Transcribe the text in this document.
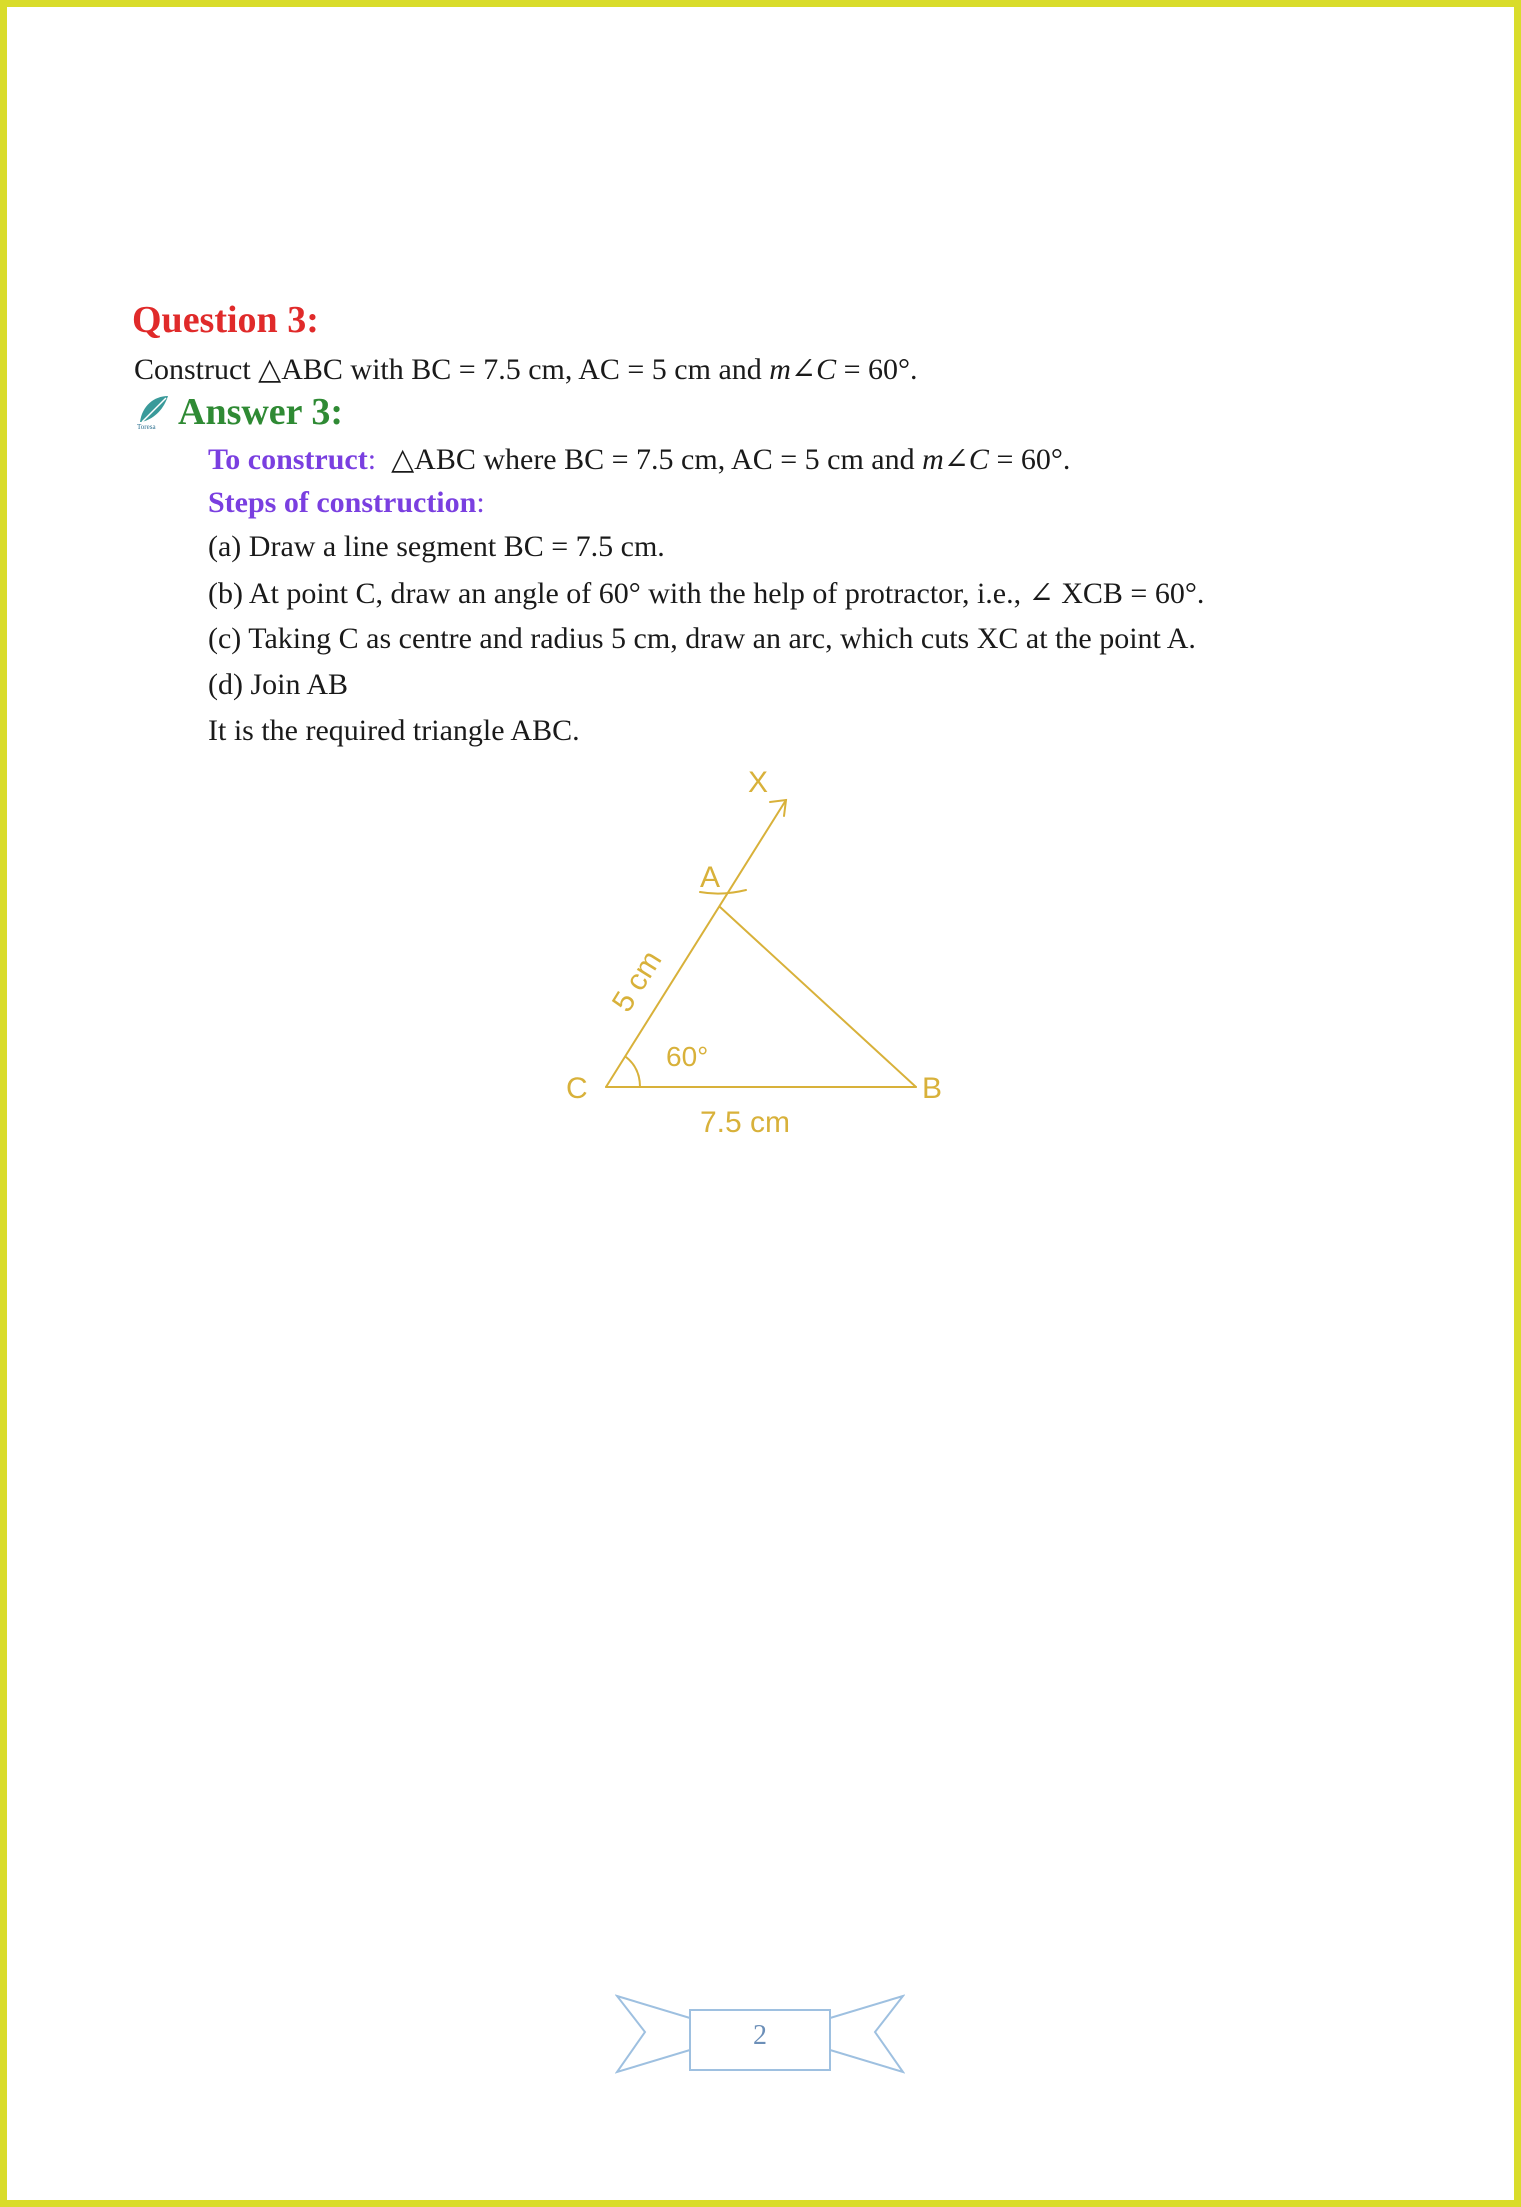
Question 3:
Construct △ABC with BC = 7.5 cm, AC = 5 cm and m∠C = 60°.
Toresa Answer 3:
To construct:  △ABC where BC = 7.5 cm, AC = 5 cm and m∠C = 60°.
Steps of construction:
(a) Draw a line segment BC = 7.5 cm.
(b) At point C, draw an angle of 60° with the help of protractor, i.e., ∠ XCB = 60°.
(c) Taking C as centre and radius 5 cm, draw an arc, which cuts XC at the point A.
(d) Join AB
It is the required triangle ABC.
X
A
C	B
60°
7.5 cm
5 cm
2
